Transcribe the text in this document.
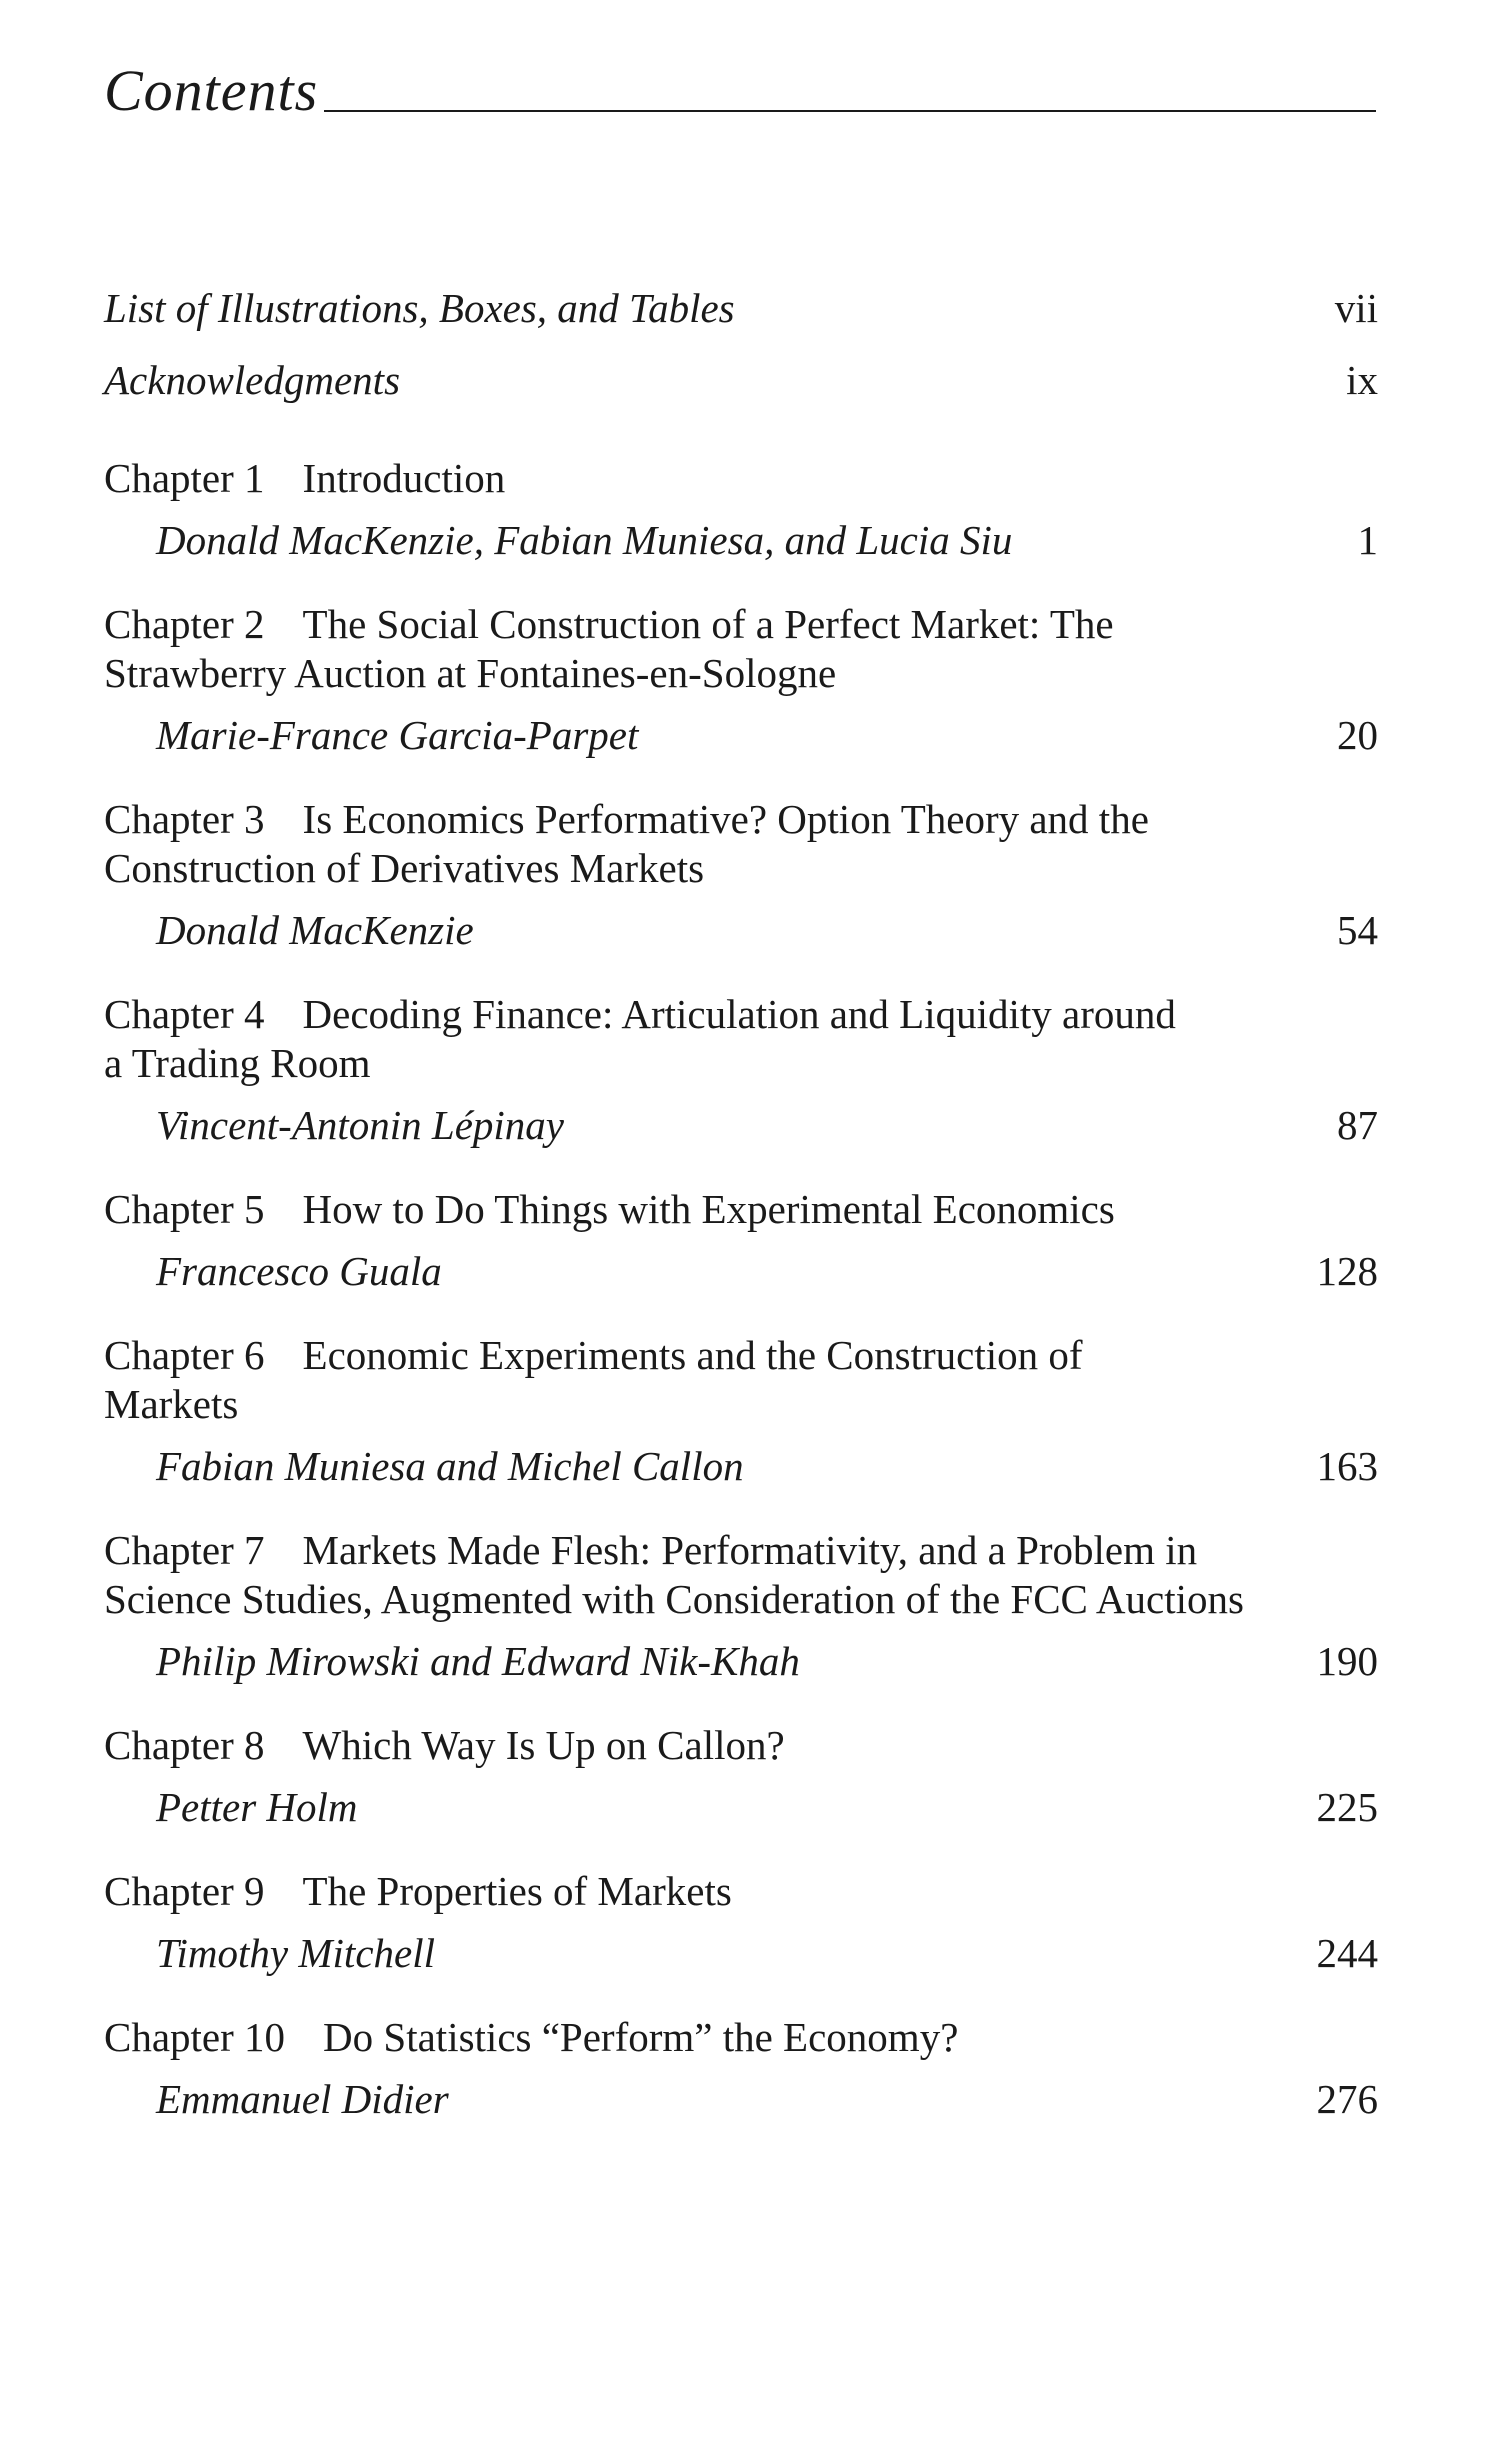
Contents
List of Illustrations, Boxes, and Tables	vii
Acknowledgments	ix
Chapter 1 Introduction
Donald MacKenzie, Fabian Muniesa, and Lucia Siu	1
Chapter 2 The Social Construction of a Perfect Market: The Strawberry Auction at Fontaines-en-Sologne
Marie-France Garcia-Parpet	20
Chapter 3 Is Economics Performative? Option Theory and the Construction of Derivatives Markets
Donald MacKenzie	54
Chapter 4 Decoding Finance: Articulation and Liquidity around a Trading Room
Vincent-Antonin Lépinay	87
Chapter 5 How to Do Things with Experimental Economics
Francesco Guala	128
Chapter 6 Economic Experiments and the Construction of Markets
Fabian Muniesa and Michel Callon	163
Chapter 7 Markets Made Flesh: Performativity, and a Problem in Science Studies, Augmented with Consideration of the FCC Auctions
Philip Mirowski and Edward Nik-Khah	190
Chapter 8 Which Way Is Up on Callon?
Petter Holm	225
Chapter 9 The Properties of Markets
Timothy Mitchell	244
Chapter 10 Do Statistics “Perform” the Economy?
Emmanuel Didier	276
